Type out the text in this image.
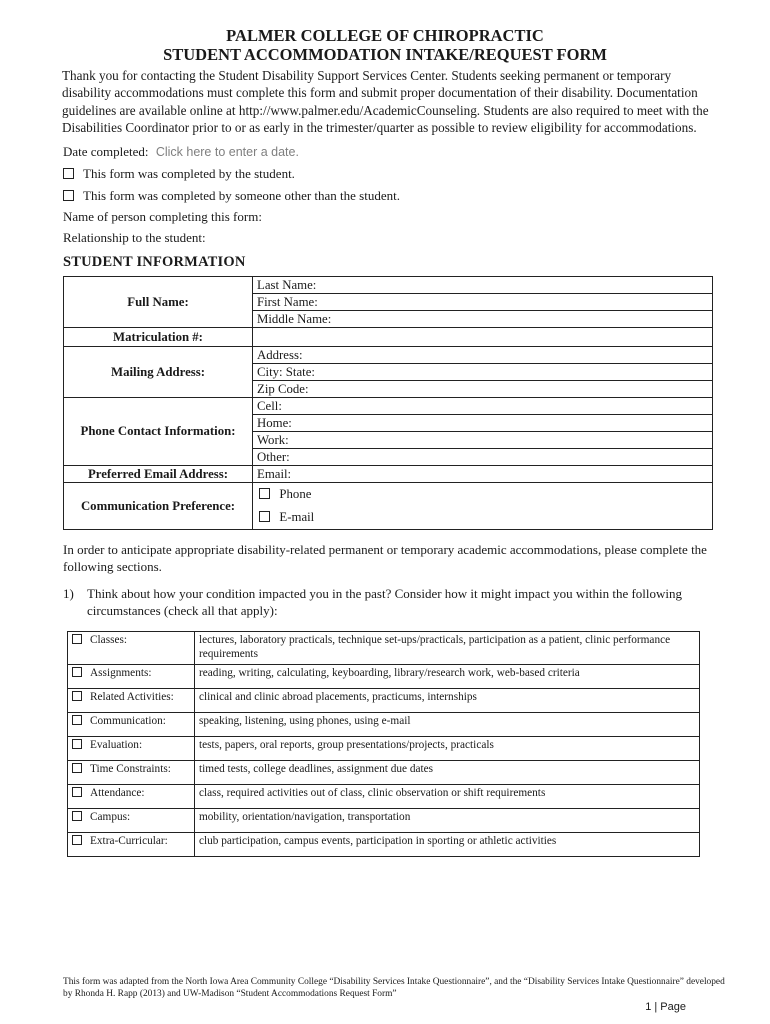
PALMER COLLEGE OF CHIROPRACTIC
STUDENT ACCOMMODATION INTAKE/REQUEST FORM
Thank you for contacting the Student Disability Support Services Center. Students seeking permanent or temporary disability accommodations must complete this form and submit proper documentation of their disability. Documentation guidelines are available online at http://www.palmer.edu/AcademicCounseling. Students are also required to meet with the Disabilities Coordinator prior to or as early in the trimester/quarter as possible to review eligibility for accommodations.
Date completed: Click here to enter a date.
This form was completed by the student.
This form was completed by someone other than the student.
Name of person completing this form:
Relationship to the student:
STUDENT INFORMATION
Full Name:	Last Name:
First Name:
Middle Name:

Matriculation #:	
Mailing Address:	Address:
City: State:
Zip Code:

Phone Contact Information:	Cell:
Home:
Work:
Other:

Preferred Email Address:	Email:
Communication Preference:	Phone
E-mail
In order to anticipate appropriate disability-related permanent or temporary academic accommodations, please complete the following sections.
1) Think about how your condition impacted you in the past? Consider how it might impact you within the following circumstances (check all that apply):
Classes:	lectures, laboratory practicals, technique set-ups/practicals, participation as a patient, clinic performance requirements
Assignments:	reading, writing, calculating, keyboarding, library/research work, web-based criteria
Related Activities:	clinical and clinic abroad placements, practicums, internships
Communication:	speaking, listening, using phones, using e-mail
Evaluation:	tests, papers, oral reports, group presentations/projects, practicals
Time Constraints:	timed tests, college deadlines, assignment due dates
Attendance:	class, required activities out of class, clinic observation or shift requirements
Campus:	mobility, orientation/navigation, transportation
Extra-Curricular:	club participation, campus events, participation in sporting or athletic activities
This form was adapted from the North Iowa Area Community College “Disability Services Intake Questionnaire”, and the “Disability Services Intake Questionnaire” developed by Rhonda H. Rapp (2013) and UW-Madison “Student Accommodations Request Form”
1 | Page
